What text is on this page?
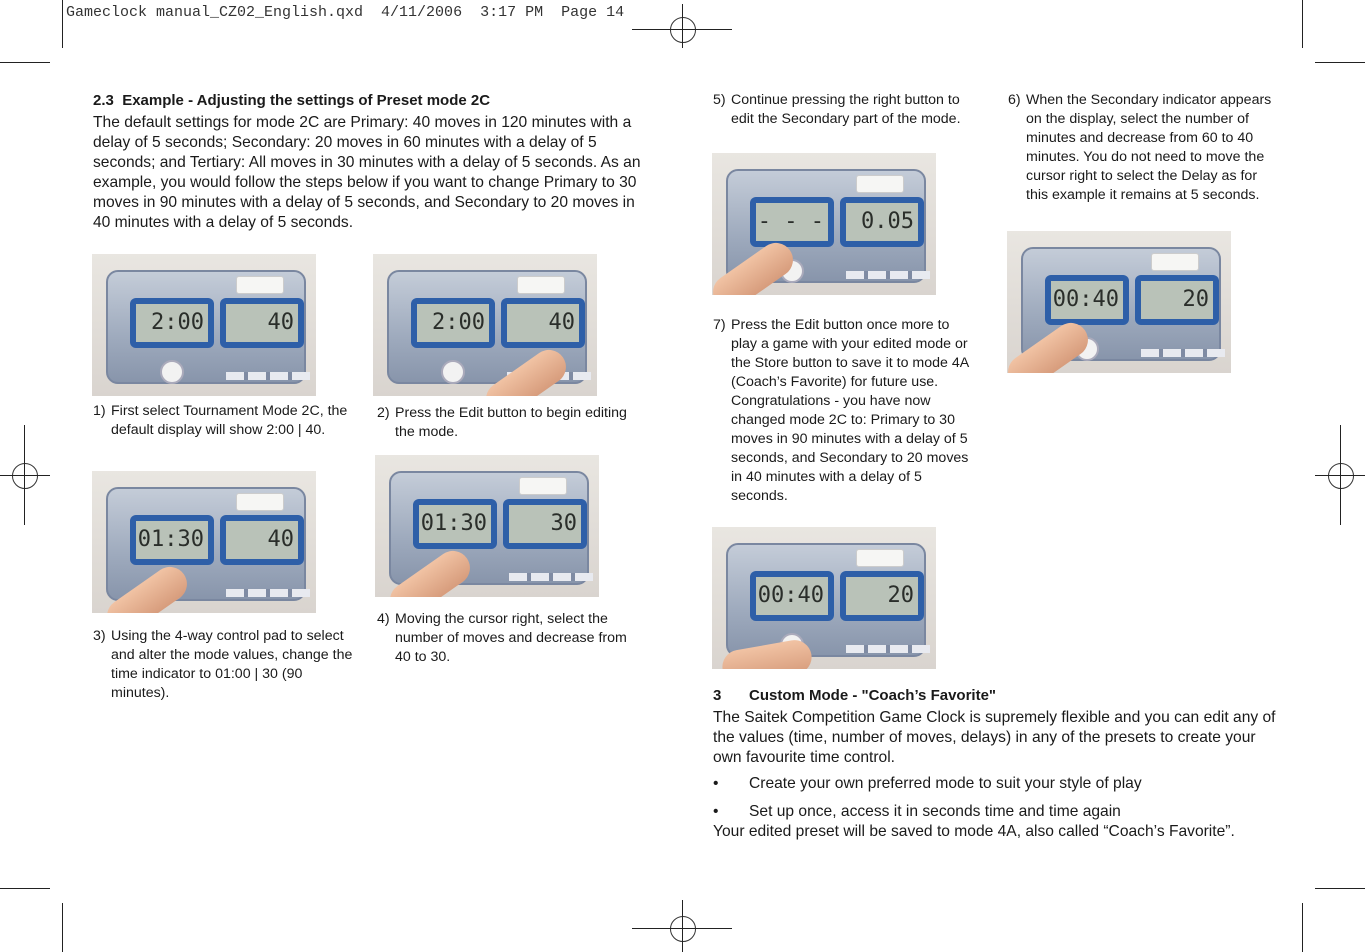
Gameclock manual_CZ02_English.qxd  4/11/2006  3:17 PM  Page 14
2.3 Example - Adjusting the settings of Preset mode 2C
The default settings for mode 2C are Primary: 40 moves in 120 minutes with a delay of 5 seconds; Secondary: 20 moves in 60 minutes with a delay of 5 seconds; and Tertiary: All moves in 30 minutes with a delay of 5 seconds. As an example, you would follow the steps below if you want to change Primary to 30 moves in 90 minutes with a delay of 5 seconds, and Secondary to 20 moves in 40 minutes with a delay of 5 seconds.
2:00	40	2:00	40
01:30	40
01:30	30
- - -	0.05
00:40	20
00:40	20
1) First select Tournament Mode 2C, the default display will show 2:00 | 40.
2) Press the Edit button to begin editing the mode.
3) Using the 4-way control pad to select and alter the mode values, change the time indicator to 01:00 | 30 (90 minutes).
4) Moving the cursor right, select the number of moves and decrease from 40 to 30.
5) Continue pressing the right button to edit the Secondary part of the mode.
6) When the Secondary indicator appears on the display, select the number of minutes and decrease from 60 to 40 minutes. You do not need to move the cursor right to select the Delay as for this example it remains at 5 seconds.
7) Press the Edit button once more to play a game with your edited mode or the Store button to save it to mode 4A (Coach’s Favorite) for future use.

Congratulations - you have now changed mode 2C to: Primary to 30 moves in 90 minutes with a delay of 5 seconds, and Secondary to 20 moves in 40 minutes with a delay of 5 seconds.

3 Custom Mode - "Coach’s Favorite"
The Saitek Competition Game Clock is supremely flexible and you can edit any of the values (time, number of moves, delays) in any of the presets to create your own favourite time control.
• Create your own preferred mode to suit your style of play
• Set up once, access it in seconds time and time again
Your edited preset will be saved to mode 4A, also called “Coach’s Favorite”.
